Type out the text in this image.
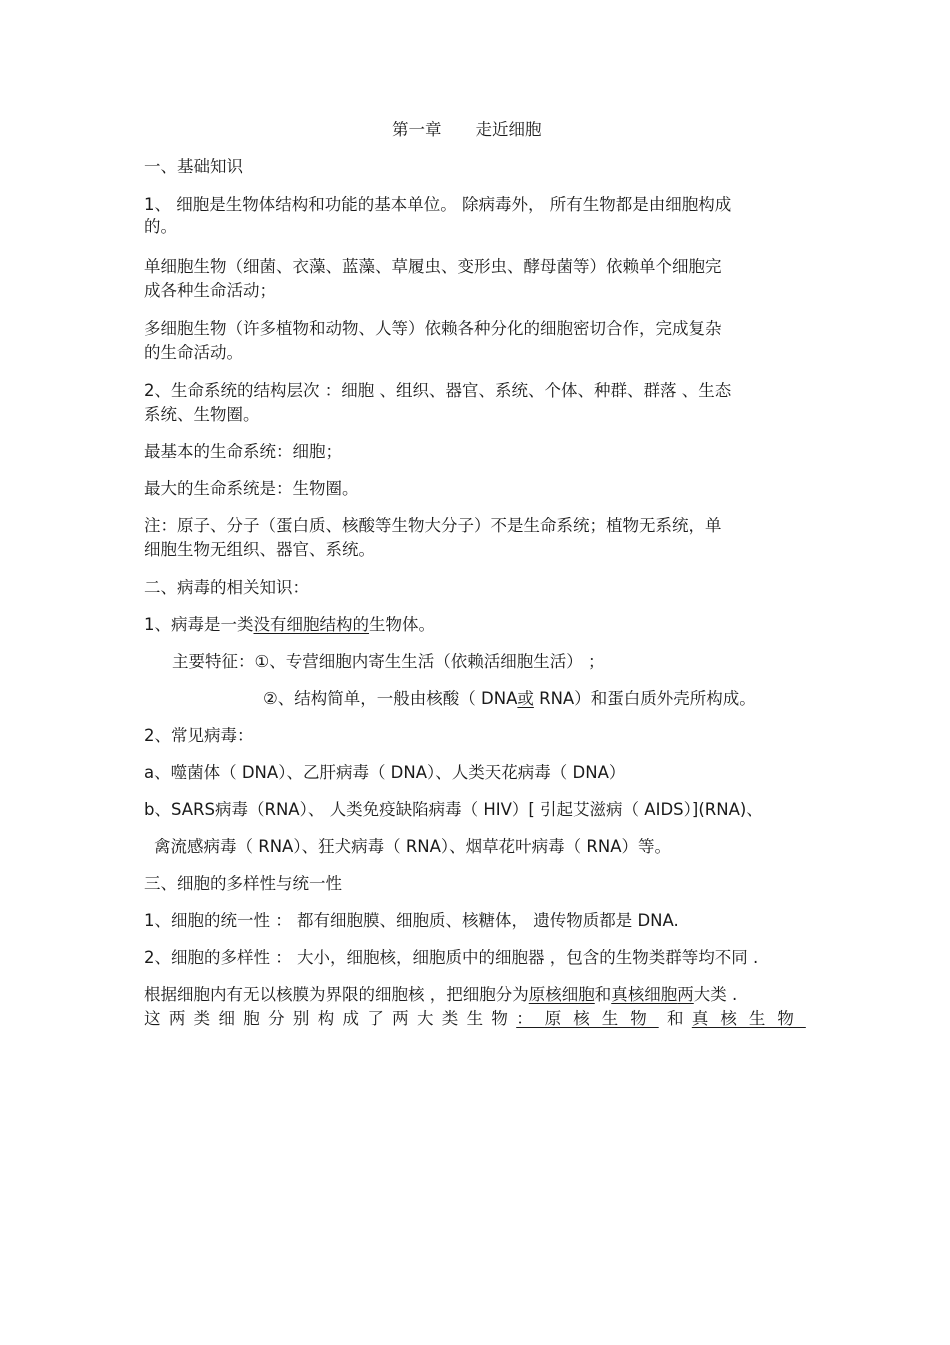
第一章 走近细胞
一、基础知识
1、 细胞是生物体结构和功能的基本单位。 除病毒外， 所有生物都是由细胞构成
的。
单细胞生物（细菌、衣藻、蓝藻、草履虫、变形虫、酵母菌等）依赖单个细胞完
成各种生命活动；
多细胞生物（许多植物和动物、人等）依赖各种分化的细胞密切合作，完成复杂
的生命活动。
2、生命系统的结构层次 ：细胞 、组织、器官、系统、个体、种群、群落 、生态
系统、生物圈。
最基本的生命系统：细胞；
最大的生命系统是：生物圈。
注：原子、分子（蛋白质、核酸等生物大分子）不是生命系统；植物无系统，单
细胞生物无组织、器官、系统。
二、病毒的相关知识：
1、病毒是一类没有细胞结构的生物体。
主要特征：①、专营细胞内寄生生活（依赖活细胞生活） ；
②、结构简单，一般由核酸（ DNA或 RNA）和蛋白质外壳所构成。
2、常见病毒：
a、噬菌体（ DNA）、乙肝病毒（ DNA）、人类天花病毒（ DNA）
b、SARS病毒（RNA）、 人类免疫缺陷病毒（ HIV）[ 引起艾滋病（ AIDS）](RNA)、
禽流感病毒（ RNA）、狂犬病毒（ RNA）、烟草花叶病毒（ RNA）等。
三、细胞的多样性与统一性
1、细胞的统一性 ： 都有细胞膜、细胞质、核糖体， 遗传物质都是 DNA.
2、细胞的多样性 ： 大小，细胞核，细胞质中的细胞器 ，包含的生物类群等均不同 .
根据细胞内有无以核膜为界限的细胞核 ，把细胞分为原核细胞和真核细胞两大类 .
这 两 类 细 胞 分 别 构 成 了 两 大 类 生 物 ：原核生物 和 真核生物
